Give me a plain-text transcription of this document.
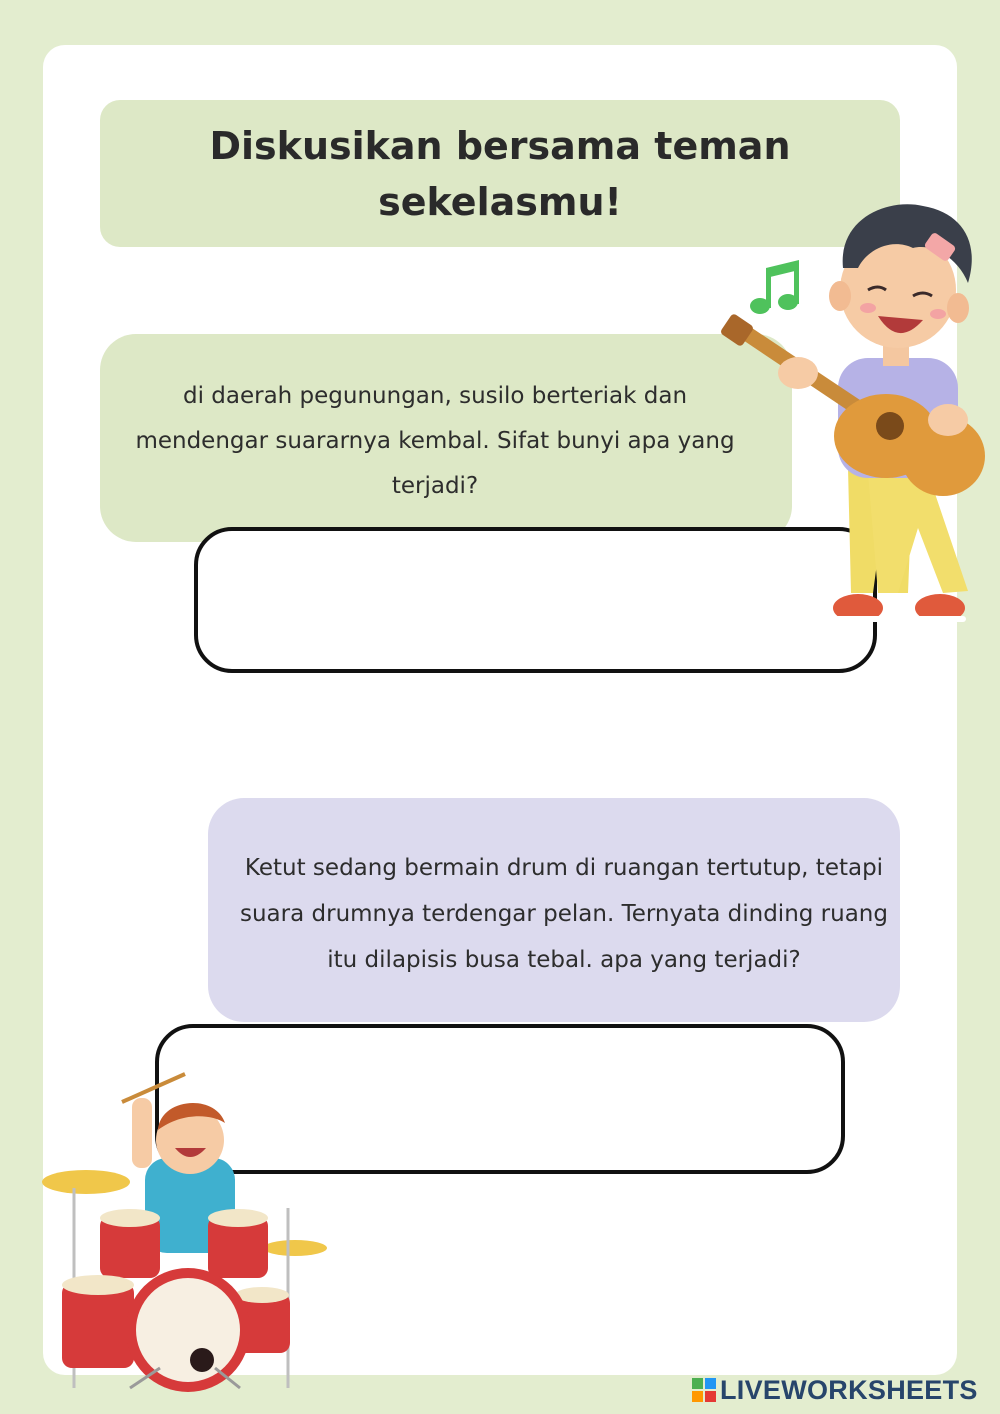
Diskusikan bersama teman sekelasmu!
di daerah pegunungan, susilo berteriak dan mendengar suararnya kembal. Sifat bunyi apa yang terjadi?
Ketut sedang bermain drum di ruangan tertutup, tetapi suara drumnya terdengar pelan. Ternyata dinding ruang itu dilapisis busa tebal. apa yang terjadi?
LIVEWORKSHEETS
